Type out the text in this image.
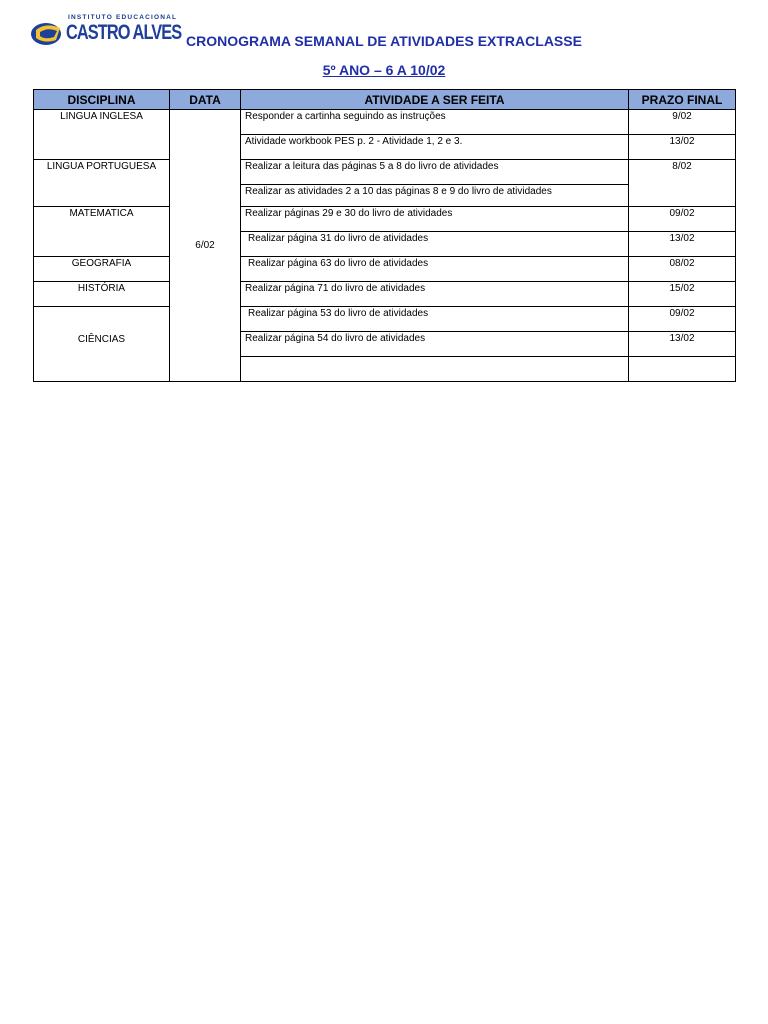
INSTITUTO EDUCACIONAL
CASTRO ALVES CRONOGRAMA SEMANAL DE ATIVIDADES EXTRACLASSE
5º ANO – 6 A 10/02
DISCIPLINA	DATA	ATIVIDADE A SER FEITA	PRAZO FINAL
LINGUA INGLESA	6/02	Responder a cartinha seguindo as instruções	9/02
		Atividade workbook PES p. 2 - Atividade 1, 2 e 3.	13/02
LINGUA PORTUGUESA		Realizar a leitura das páginas 5 a 8 do livro de atividades	8/02
		Realizar as atividades 2 a 10 das páginas 8 e 9 do livro de atividades	
MATEMATICA		Realizar páginas 29 e 30 do livro de atividades	09/02
		Realizar página 31 do livro de atividades	13/02
GEOGRAFIA		Realizar página 63 do livro de atividades	08/02
HISTÓRIA		Realizar página 71 do livro de atividades	15/02
CIÊNCIAS		Realizar página 53 do livro de atividades	09/02
		Realizar página 54 do livro de atividades	13/02
